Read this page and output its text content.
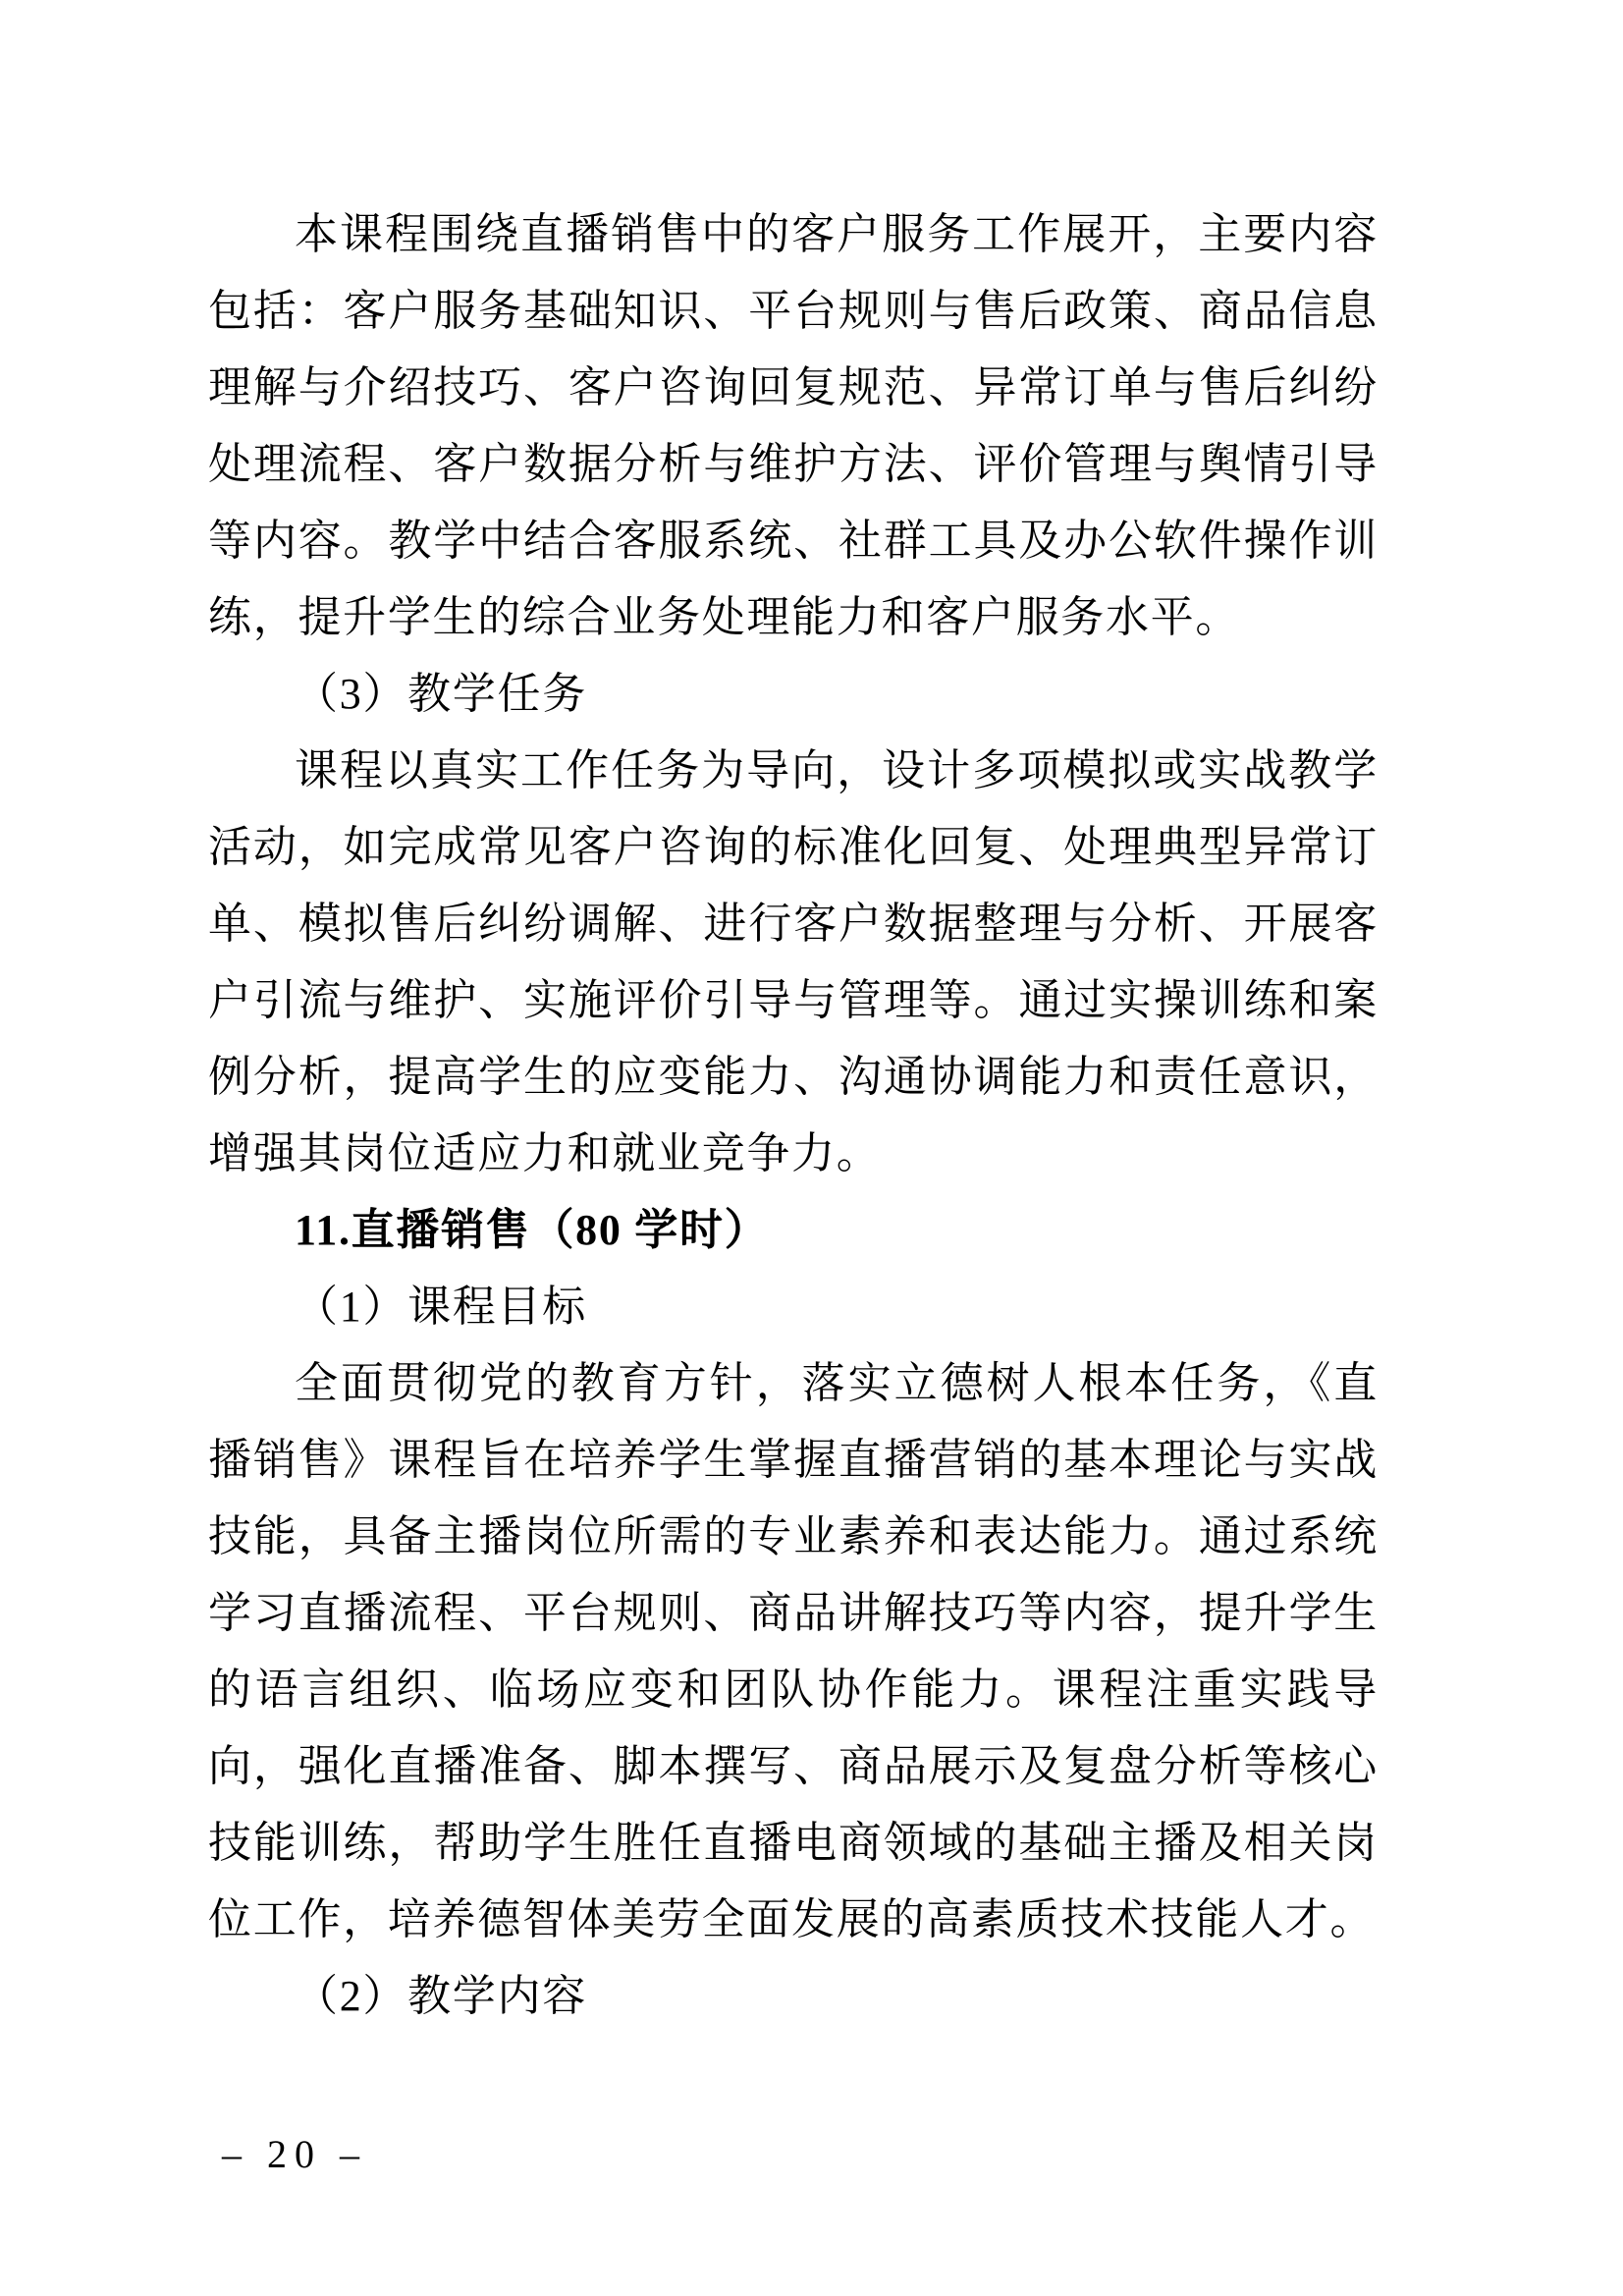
本课程围绕直播销售中的客户服务工作展开，主要内容包括：客户服务基础知识、平台规则与售后政策、商品信息理解与介绍技巧、客户咨询回复规范、异常订单与售后纠纷处理流程、客户数据分析与维护方法、评价管理与舆情引导等内容。教学中结合客服系统、社群工具及办公软件操作训练，提升学生的综合业务处理能力和客户服务水平。

（3）教学任务

课程以真实工作任务为导向，设计多项模拟或实战教学活动，如完成常见客户咨询的标准化回复、处理典型异常订单、模拟售后纠纷调解、进行客户数据整理与分析、开展客户引流与维护、实施评价引导与管理等。通过实操训练和案例分析，提高学生的应变能力、沟通协调能力和责任意识，增强其岗位适应力和就业竞争力。

11.直播销售（80 学时）

（1）课程目标

全面贯彻党的教育方针，落实立德树人根本任务，《直播销售》课程旨在培养学生掌握直播营销的基本理论与实战技能，具备主播岗位所需的专业素养和表达能力。通过系统学习直播流程、平台规则、商品讲解技巧等内容，提升学生的语言组织、临场应变和团队协作能力。课程注重实践导向，强化直播准备、脚本撰写、商品展示及复盘分析等核心技能训练，帮助学生胜任直播电商领域的基础主播及相关岗位工作，培养德智体美劳全面发展的高素质技术技能人才。

（2）教学内容

– 20 –
